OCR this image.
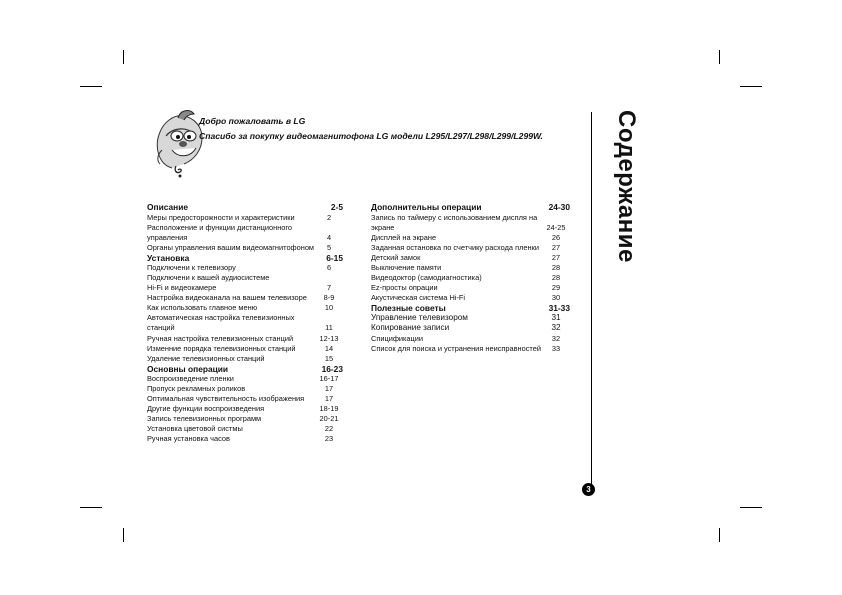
Добро пожаловать в LG
Спасибо за покупку видеомагнитофона LG модели L295/L297/L298/L299/L299W.
Описание	2-5
Меры предосторожности и характеристики	2
Расположение и функции дистанционного управления	4
Органы управления вашим видеомагнитофоном	5
Установка	6-15
Подключени к телевизору	6
Подключени к вашей аудиосистеме
Hi-Fi и видеокамере	7
Настройка видеоканала на вашем телевизоре	8-9
Как использовать главное меню	10
Автоматическая настройка телевизионных станций	11
Ручная настройка телевизионных станций	12-13
Изменние порядка телевизионных станций	14
Удаление телевизионных станций	15
Основны операции	16-23
Воспроизведение пленки	16-17
Пропуск рекламных роликов	17
Оптимальная чувствительность изображения	17
Другие функции воспроизведения	18-19
Запись телевизионных программ	20-21
Установка цветовой систмы	22
Ручная установка часов	23
Дополнительны операции	24-30
Запись по таймеру с использованием диспля на экране	24-25
Дисплей на экране	26
Заданная остановка по счетчику расхода пленки	27
Детский замок	27
Выключение памяти	28
Видеодоктор (самодиагностика)	28
Ez-просты опрации	29
Акустическая система Hi-Fi	30
Полезные советы	31-33
Управление телевизором	31
Копирование записи	32
Спицификации	32
Список для поиска и устранения неисправностей	33
Содержание
3
